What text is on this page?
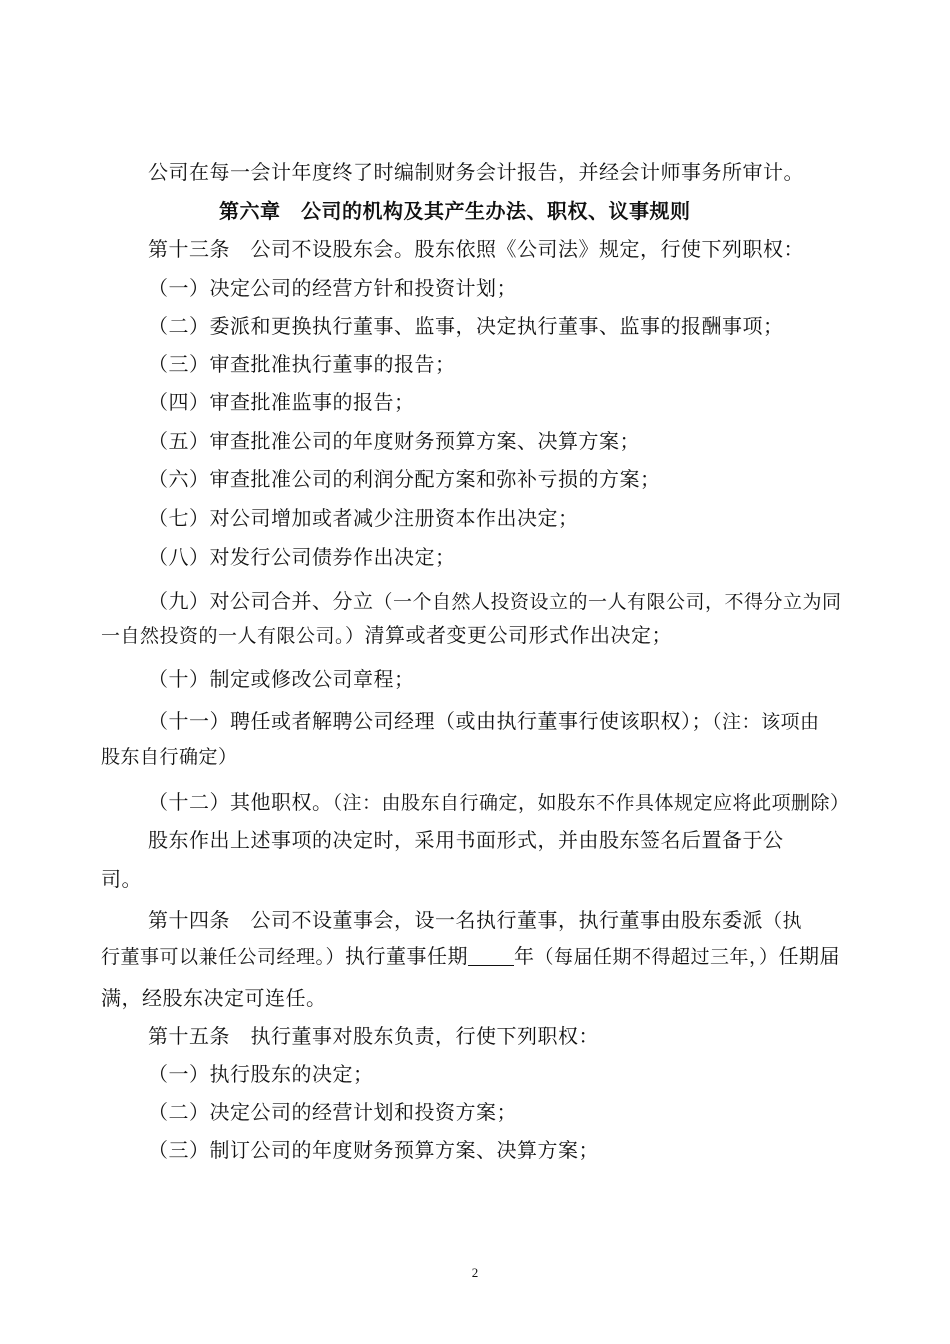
公司在每一会计年度终了时编制财务会计报告，并经会计师事务所审计。
第六章　公司的机构及其产生办法、职权、议事规则
第十三条　公司不设股东会。股东依照《公司法》规定，行使下列职权：
（一）决定公司的经营方针和投资计划；
（二）委派和更换执行董事、监事，决定执行董事、监事的报酬事项；
（三）审查批准执行董事的报告；
（四）审查批准监事的报告；
（五）审查批准公司的年度财务预算方案、决算方案；
（六）审查批准公司的利润分配方案和弥补亏损的方案；
（七）对公司增加或者减少注册资本作出决定；
（八）对发行公司债券作出决定；
（九）对公司合并、分立（一个自然人投资设立的一人有限公司，不得分立为同
一自然投资的一人有限公司。）清算或者变更公司形式作出决定；
（十）制定或修改公司章程；
（十一）聘任或者解聘公司经理（或由执行董事行使该职权）；（注：该项由
股东自行确定）
（十二）其他职权。（注：由股东自行确定，如股东不作具体规定应将此项删除）
股东作出上述事项的决定时，采用书面形式，并由股东签名后置备于公
司。
第十四条　公司不设董事会，设一名执行董事，执行董事由股东委派（执
行董事可以兼任公司经理。）执行董事任期 年（每届任期不得超过三年，）任期届
满，经股东决定可连任。
第十五条　执行董事对股东负责，行使下列职权：
（一）执行股东的决定；
（二）决定公司的经营计划和投资方案；
（三）制订公司的年度财务预算方案、决算方案；
2
